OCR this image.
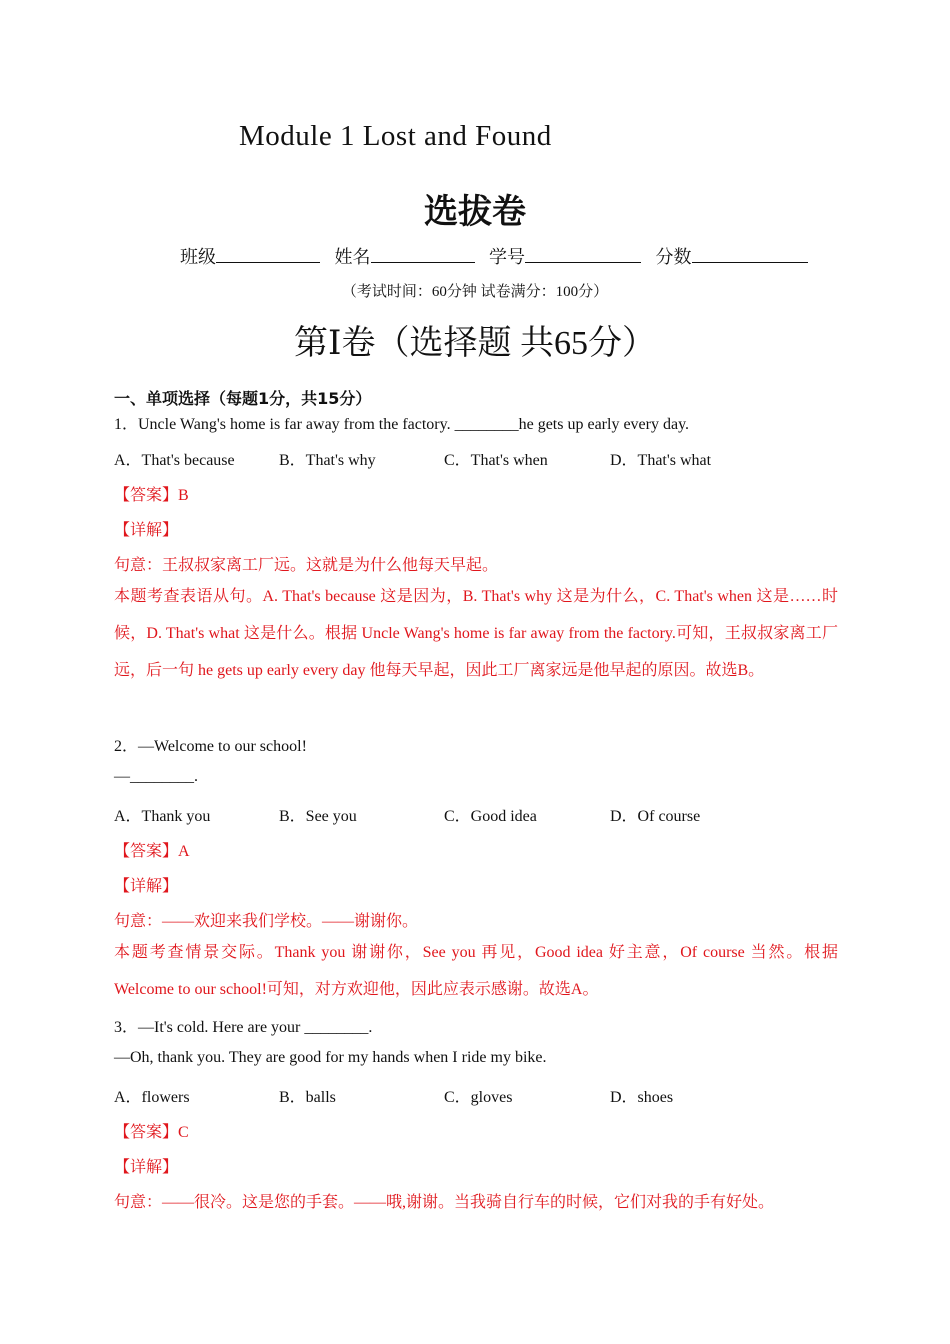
Module 1 Lost and Found
选拔卷
班级	姓名	学号	分数
（考试时间：60分钟 试卷满分：100分）
第Ⅰ卷（选择题 共65分）
一、单项选择（每题1分，共15分）
1．Uncle Wang's home is far away from the factory. ________he gets up early every day.
A．That's because	B．That's why	C．That's when	D．That's what
【答案】B
【详解】
句意：王叔叔家离工厂远。这就是为什么他每天早起。
本题考查表语从句。A. That's because 这是因为，B. That's why 这是为什么，C. That's when 这是……时候，D. That's what 这是什么。根据 Uncle Wang's home is far away from the factory.可知，王叔叔家离工厂远，后一句 he gets up early every day 他每天早起，因此工厂离家远是他早起的原因。故选B。
2．—Welcome to our school!
—________.
A．Thank you	B．See you	C．Good idea	D．Of course
【答案】A
【详解】
句意：——欢迎来我们学校。——谢谢你。
本题考查情景交际。Thank you 谢谢你，See you 再见，Good idea 好主意，Of course 当然。根据 Welcome to our school!可知，对方欢迎他，因此应表示感谢。故选A。
3．—It's cold. Here are your ________.
—Oh, thank you. They are good for my hands when I ride my bike.
A．flowers	B．balls	C．gloves	D．shoes
【答案】C
【详解】
句意：——很冷。这是您的手套。——哦,谢谢。当我骑自行车的时候，它们对我的手有好处。
